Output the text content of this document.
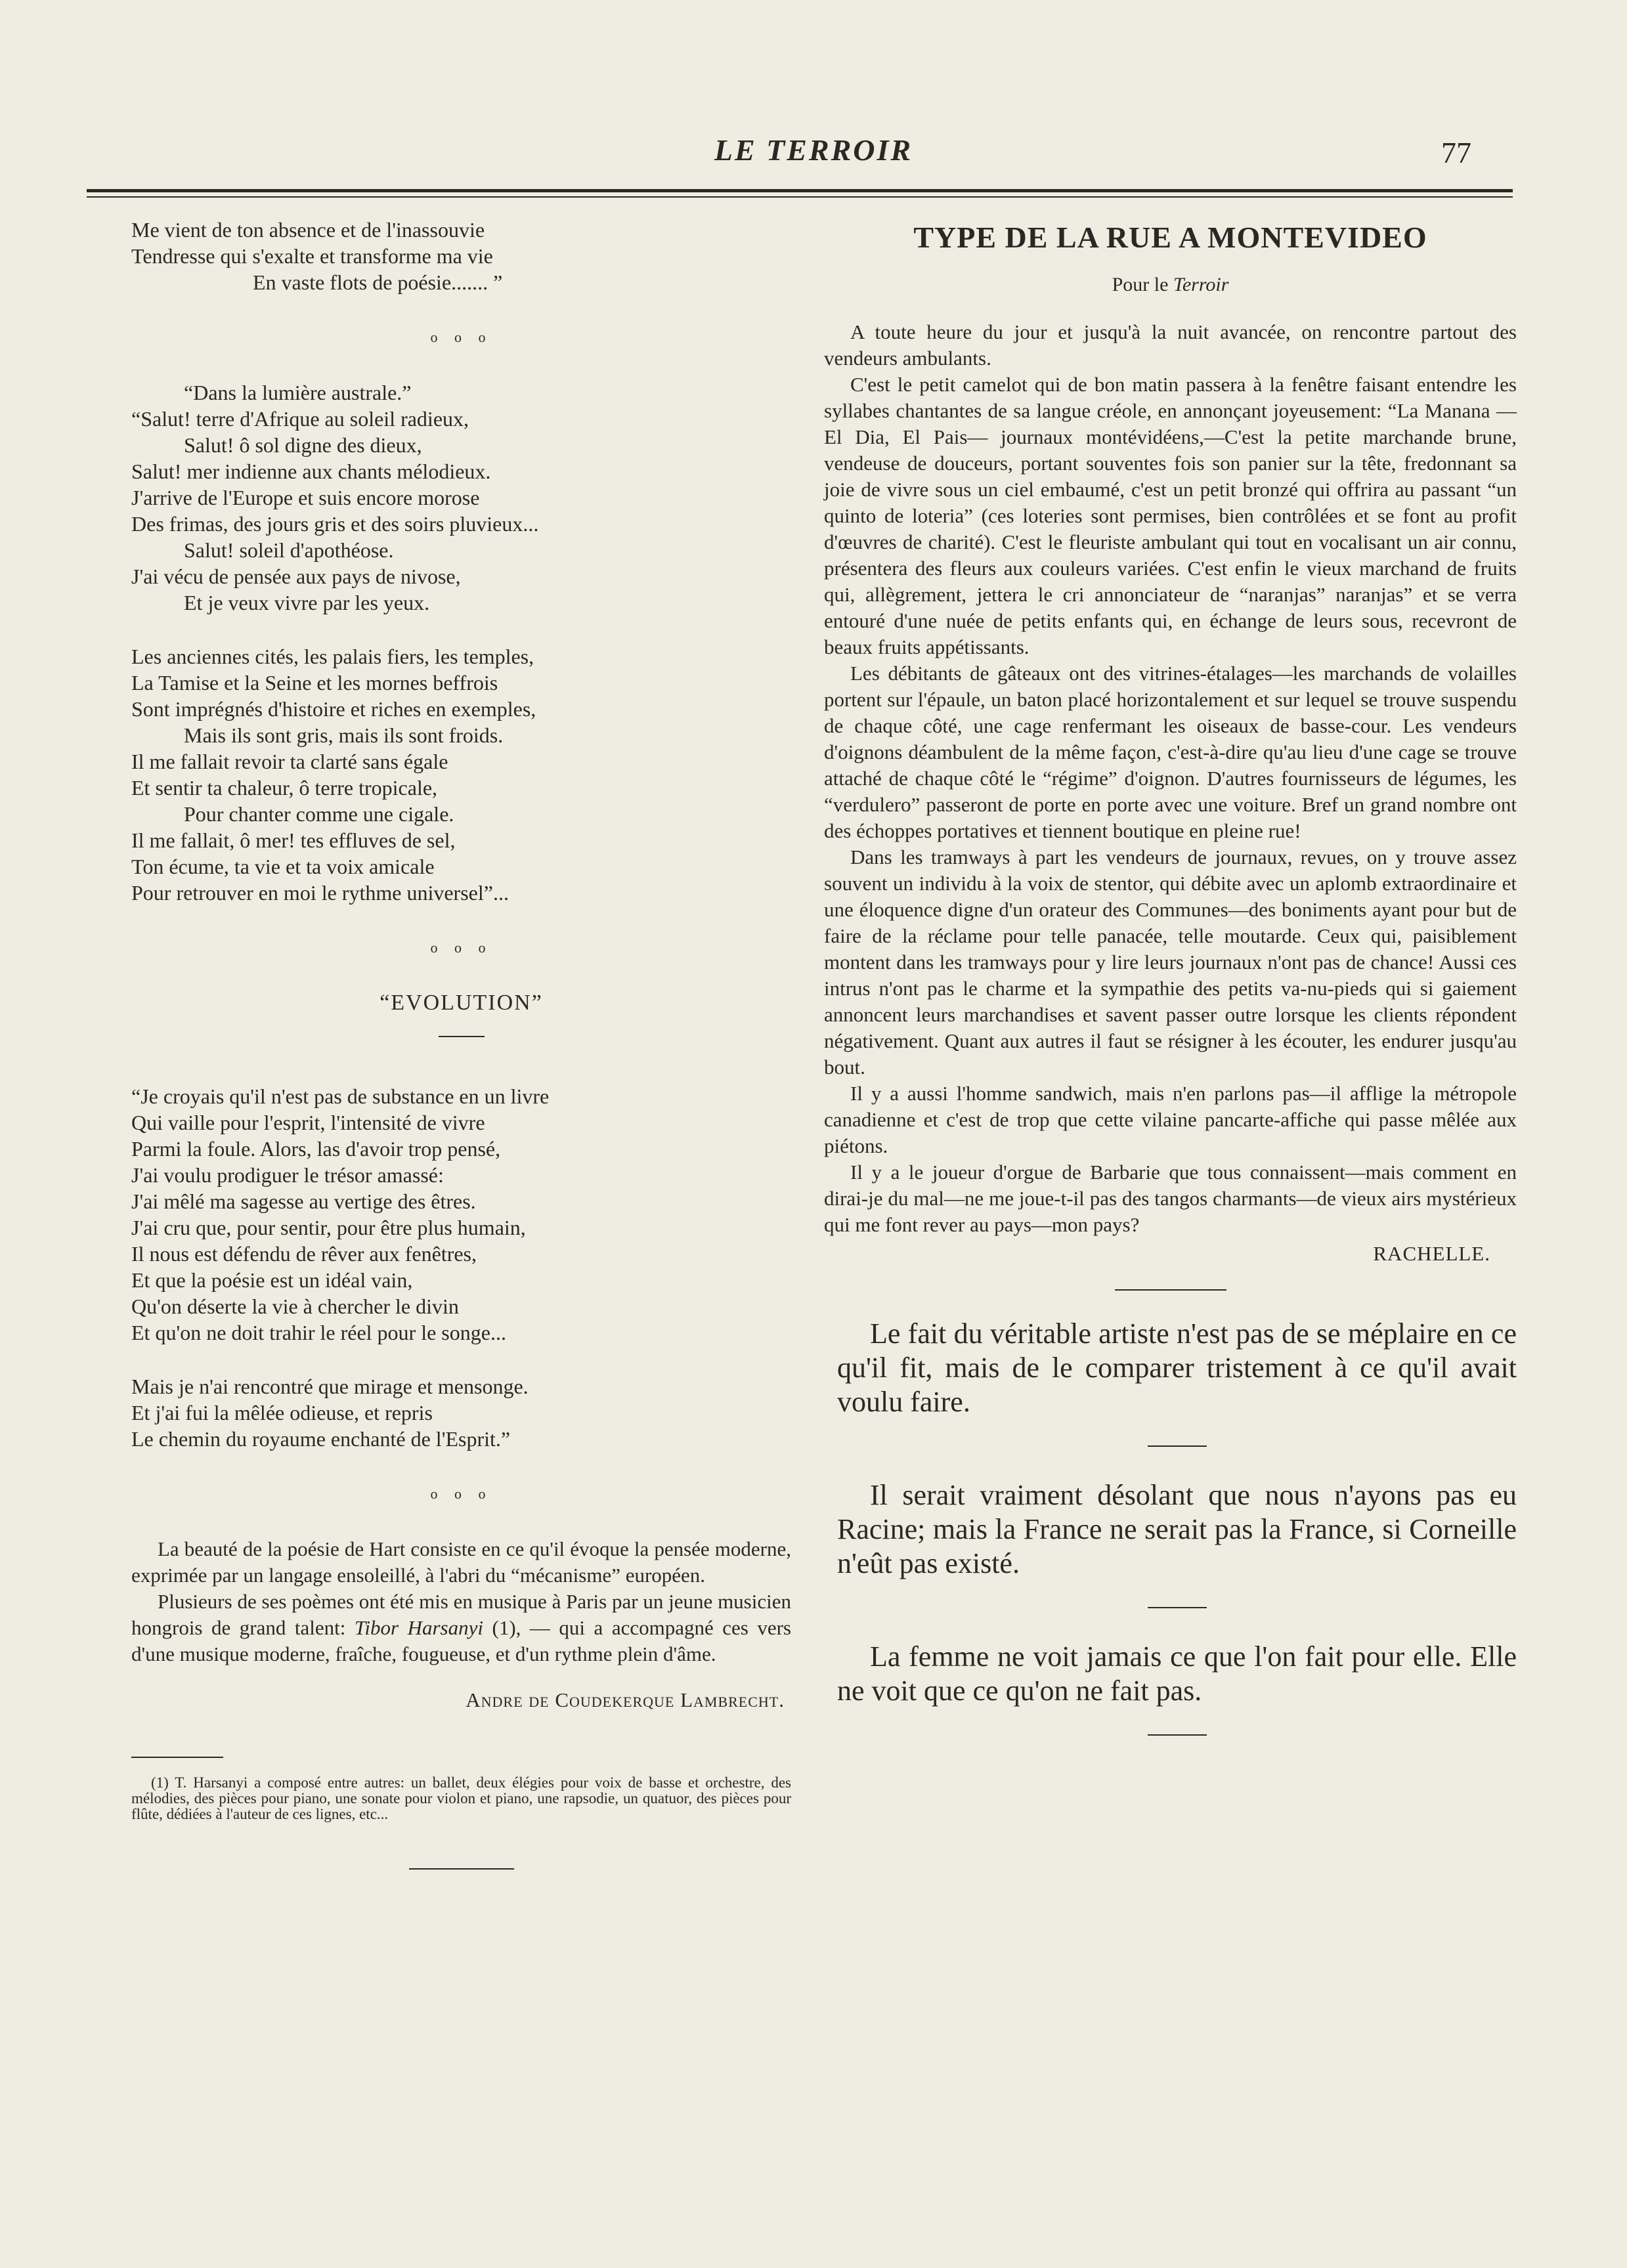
LE TERROIR	77
Me vient de ton absence et de l'inassouvie
Tendresse qui s'exalte et transforme ma vie
En vaste flots de poésie....... ”
o o o
“Dans la lumière australe.”
“Salut! terre d'Afrique au soleil radieux,
Salut! ô sol digne des dieux,
Salut! mer indienne aux chants mélodieux.
J'arrive de l'Europe et suis encore morose
Des frimas, des jours gris et des soirs pluvieux...
Salut! soleil d'apothéose.
J'ai vécu de pensée aux pays de nivose,
Et je veux vivre par les yeux.
Les anciennes cités, les palais fiers, les temples,
La Tamise et la Seine et les mornes beffrois
Sont imprégnés d'histoire et riches en exemples,
Mais ils sont gris, mais ils sont froids.
Il me fallait revoir ta clarté sans égale
Et sentir ta chaleur, ô terre tropicale,
Pour chanter comme une cigale.
Il me fallait, ô mer! tes effluves de sel,
Ton écume, ta vie et ta voix amicale
Pour retrouver en moi le rythme universel”...
o o o
“EVOLUTION”
“Je croyais qu'il n'est pas de substance en un livre
Qui vaille pour l'esprit, l'intensité de vivre
Parmi la foule. Alors, las d'avoir trop pensé,
J'ai voulu prodiguer le trésor amassé:
J'ai mêlé ma sagesse au vertige des êtres.
J'ai cru que, pour sentir, pour être plus humain,
Il nous est défendu de rêver aux fenêtres,
Et que la poésie est un idéal vain,
Qu'on déserte la vie à chercher le divin
Et qu'on ne doit trahir le réel pour le songe...
Mais je n'ai rencontré que mirage et mensonge.
Et j'ai fui la mêlée odieuse, et repris
Le chemin du royaume enchanté de l'Esprit.”
o o o

La beauté de la poésie de Hart consiste en ce qu'il évoque la pensée moderne, exprimée par un langage ensoleillé, à l'abri du “mécanisme” européen.

Plusieurs de ses poèmes ont été mis en musique à Paris par un jeune musicien hongrois de grand talent: Tibor Harsanyi (1), — qui a accompagné ces vers d'une musique moderne, fraîche, fougueuse, et d'un rythme plein d'âme.

Andre de Coudekerque Lambrecht.
(1) T. Harsanyi a composé entre autres: un ballet, deux élégies pour voix de basse et orchestre, des mélodies, des pièces pour piano, une sonate pour violon et piano, une rapsodie, un quatuor, des pièces pour flûte, dédiées à l'auteur de ces lignes, etc...
TYPE DE LA RUE A MONTEVIDEO
Pour le Terroir

A toute heure du jour et jusqu'à la nuit avancée, on rencontre partout des vendeurs ambulants.

C'est le petit camelot qui de bon matin passera à la fenêtre faisant entendre les syllabes chantantes de sa langue créole, en annonçant joyeusement: “La Manana — El Dia, El Pais— journaux montévidéens,—C'est la petite marchande brune, vendeuse de douceurs, portant souventes fois son panier sur la tête, fredonnant sa joie de vivre sous un ciel embaumé, c'est un petit bronzé qui offrira au passant “un quinto de loteria” (ces loteries sont permises, bien contrôlées et se font au profit d'œuvres de charité). C'est le fleuriste ambulant qui tout en vocalisant un air connu, présentera des fleurs aux couleurs variées. C'est enfin le vieux marchand de fruits qui, allègrement, jettera le cri annonciateur de “naranjas” naranjas” et se verra entouré d'une nuée de petits enfants qui, en échange de leurs sous, recevront de beaux fruits appétissants.

Les débitants de gâteaux ont des vitrines-étalages—les marchands de volailles portent sur l'épaule, un baton placé horizontalement et sur lequel se trouve suspendu de chaque côté, une cage renfermant les oiseaux de basse-cour. Les vendeurs d'oignons déambulent de la même façon, c'est-à-dire qu'au lieu d'une cage se trouve attaché de chaque côté le “régime” d'oignon. D'autres fournisseurs de légumes, les “verdulero” passeront de porte en porte avec une voiture. Bref un grand nombre ont des échoppes portatives et tiennent boutique en pleine rue!

Dans les tramways à part les vendeurs de journaux, revues, on y trouve assez souvent un individu à la voix de stentor, qui débite avec un aplomb extraordinaire et une éloquence digne d'un orateur des Communes—des boniments ayant pour but de faire de la réclame pour telle panacée, telle moutarde. Ceux qui, paisiblement montent dans les tramways pour y lire leurs journaux n'ont pas de chance! Aussi ces intrus n'ont pas le charme et la sympathie des petits va-nu-pieds qui si gaiement annoncent leurs marchandises et savent passer outre lorsque les clients répondent négativement. Quant aux autres il faut se résigner à les écouter, les endurer jusqu'au bout.

Il y a aussi l'homme sandwich, mais n'en parlons pas—il afflige la métropole canadienne et c'est de trop que cette vilaine pancarte-affiche qui passe mêlée aux piétons.

Il y a le joueur d'orgue de Barbarie que tous connaissent—mais comment en dirai-je du mal—ne me joue-t-il pas des tangos charmants—de vieux airs mystérieux qui me font rever au pays—mon pays?

RACHELLE.

Le fait du véritable artiste n'est pas de se méplaire en ce qu'il fit, mais de le comparer tristement à ce qu'il avait voulu faire.

Il serait vraiment désolant que nous n'ayons pas eu Racine; mais la France ne serait pas la France, si Corneille n'eût pas existé.

La femme ne voit jamais ce que l'on fait pour elle. Elle ne voit que ce qu'on ne fait pas.
